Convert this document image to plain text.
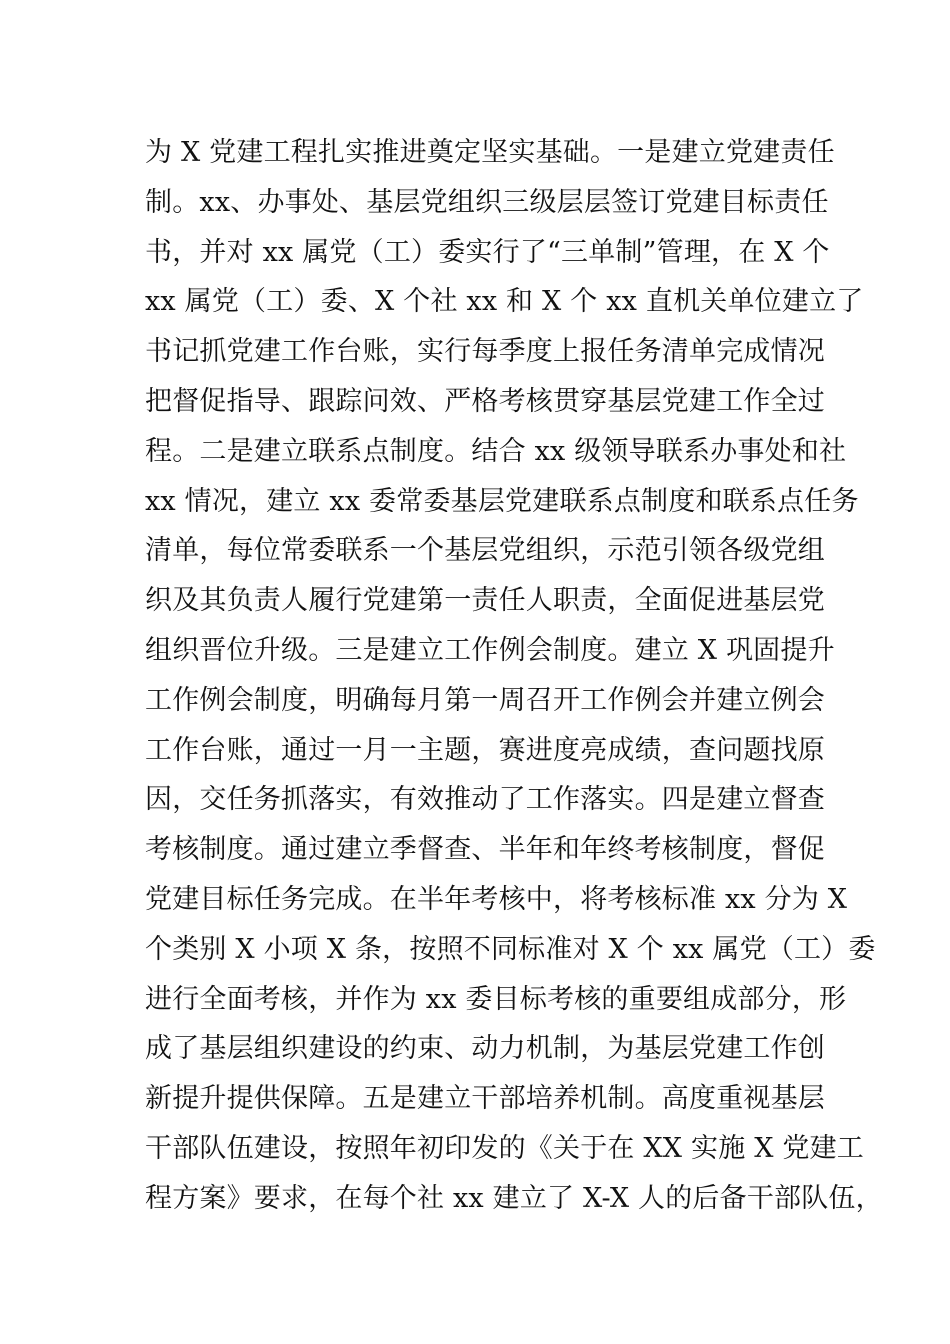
为 X 党建工程扎实推进奠定坚实基础。一是建立党建责任
制。xx、办事处、基层党组织三级层层签订党建目标责任
书，并对 xx 属党（工）委实行了“三单制”管理，在 X 个
xx 属党（工）委、X 个社 xx 和 X 个 xx 直机关单位建立了
书记抓党建工作台账，实行每季度上报任务清单完成情况
把督促指导、跟踪问效、严格考核贯穿基层党建工作全过
程。二是建立联系点制度。结合 xx 级领导联系办事处和社
xx 情况，建立 xx 委常委基层党建联系点制度和联系点任务
清单，每位常委联系一个基层党组织，示范引领各级党组
织及其负责人履行党建第一责任人职责，全面促进基层党
组织晋位升级。三是建立工作例会制度。建立 X 巩固提升
工作例会制度，明确每月第一周召开工作例会并建立例会
工作台账，通过一月一主题，赛进度亮成绩，查问题找原
因，交任务抓落实，有效推动了工作落实。四是建立督查
考核制度。通过建立季督查、半年和年终考核制度，督促
党建目标任务完成。在半年考核中，将考核标准 xx 分为 X
个类别 X 小项 X 条，按照不同标准对 X 个 xx 属党（工）委
进行全面考核，并作为 xx 委目标考核的重要组成部分，形
成了基层组织建设的约束、动力机制，为基层党建工作创
新提升提供保障。五是建立干部培养机制。高度重视基层
干部队伍建设，按照年初印发的《关于在 XX 实施 X 党建工
程方案》要求，在每个社 xx 建立了 X-X 人的后备干部队伍，
